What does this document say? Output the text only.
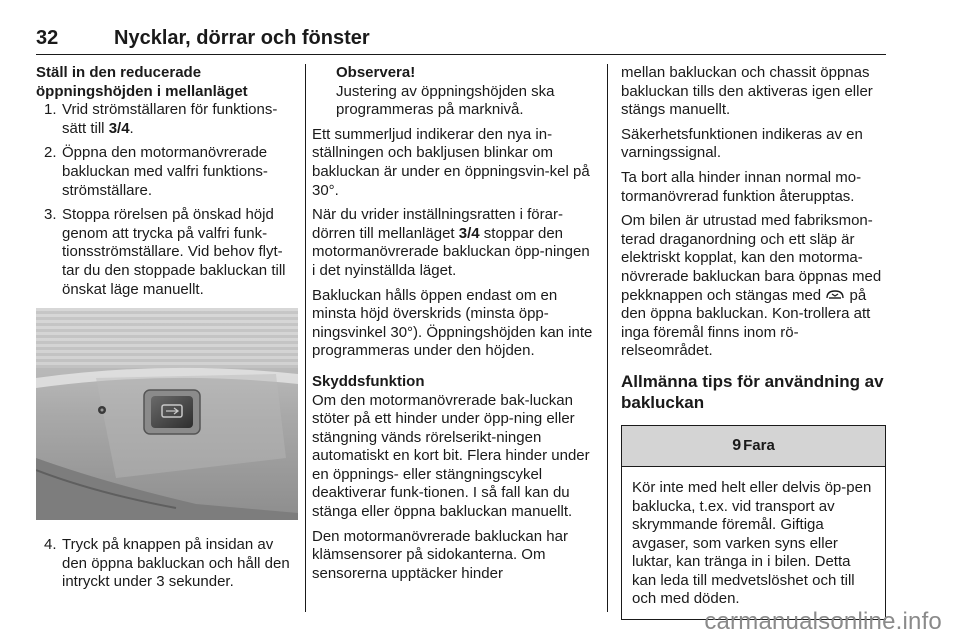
32	Nycklar, dörrar och fönster
Ställ in den reducerade
öppningshöjden i mellanläget
1. Vrid strömställaren för funktions-sätt till 3/4.
2. Öppna den motormanövrerade bakluckan med valfri funktions-strömställare.
3. Stoppa rörelsen på önskad höjd genom att trycka på valfri funk-tionsströmställare. Vid behov flyt-tar du den stoppade bakluckan till önskat läge manuellt.
4. Tryck på knappen på insidan av den öppna bakluckan och håll den intryckt under 3 sekunder.
Observera!
Justering av öppningshöjden ska programmeras på marknivå.

Ett summerljud indikerar den nya in-ställningen och bakljusen blinkar om bakluckan är under en öppningsvin-kel på 30°.

När du vrider inställningsratten i förar-dörren till mellanläget 3/4 stoppar den motormanövrerade bakluckan öpp-ningen i det nyinställda läget.

Bakluckan hålls öppen endast om en minsta höjd överskrids (minsta öpp-ningsvinkel 30°). Öppningshöjden kan inte programmeras under den höjden.

Skyddsfunktion

Om den motormanövrerade bak-luckan stöter på ett hinder under öpp-ning eller stängning vänds rörelserikt-ningen automatiskt en kort bit. Flera hinder under en öppnings- eller stängningscykel deaktiverar funk-tionen. I så fall kan du stänga eller öppna bakluckan manuellt.

Den motormanövrerade bakluckan har klämsensorer på sidokanterna. Om sensorerna upptäcker hinder

mellan bakluckan och chassit öppnas bakluckan tills den aktiveras igen eller stängs manuellt.

Säkerhetsfunktionen indikeras av en varningssignal.

Ta bort alla hinder innan normal mo-tormanövrerad funktion återupptas.

Om bilen är utrustad med fabriksmon-terad draganordning och ett släp är elektriskt kopplat, kan den motorma-növrerade bakluckan bara öppnas med pekknappen och stängas med  på den öppna bakluckan. Kon-trollera att inga föremål finns inom rö-relseområdet.

Allmänna tips för användning av bakluckan
9 Fara
Kör inte med helt eller delvis öp-pen baklucka, t.ex. vid transport av skrymmande föremål. Giftiga avgaser, som varken syns eller luktar, kan tränga in i bilen. Detta kan leda till medvetslöshet och till och med döden.
carmanualsonline.info
